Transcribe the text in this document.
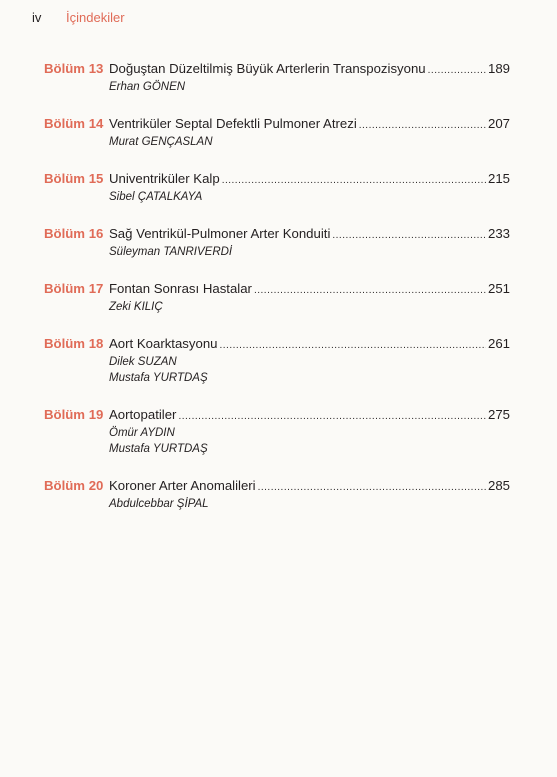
iv	İçindekiler
Bölüm 13 Doğuştan Düzeltilmiş Büyük Arterlerin Transpozisyonu .....	189
Erhan GÖNEN
Bölüm 14 Ventriküler Septal Defektli Pulmoner Atrezi .....	207
Murat GENÇASLAN
Bölüm 15 Univentriküler Kalp .....	215
Sibel ÇATALKAYA
Bölüm 16 Sağ Ventrikül-Pulmoner Arter Konduiti .....	233
Süleyman TANRIVERDİ
Bölüm 17 Fontan Sonrası Hastalar .....	251
Zeki KILIÇ
Bölüm 18 Aort Koarktasyonu .....	261
Dilek SUZAN
Mustafa YURTDAŞ
Bölüm 19 Aortopatiler .....	275
Ömür AYDIN
Mustafa YURTDAŞ
Bölüm 20 Koroner Arter Anomalileri .....	285
Abdulcebbar ŞİPAL
